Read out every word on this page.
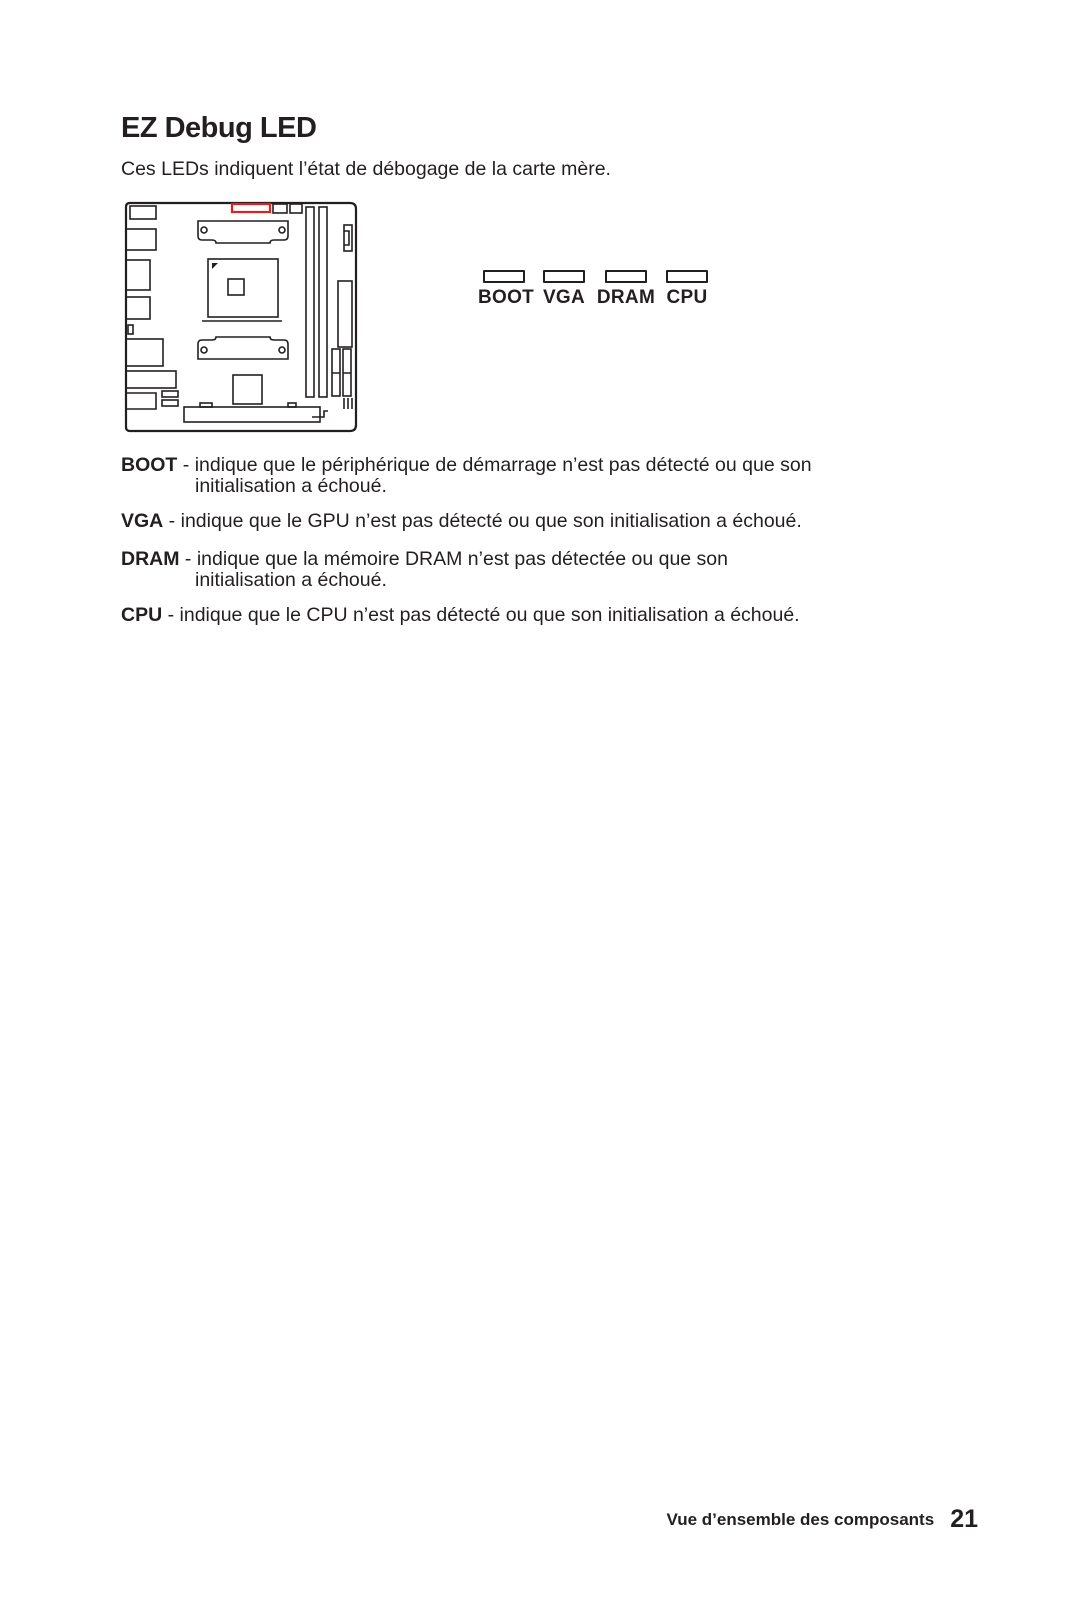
EZ Debug LED

Ces LEDs indiquent l’état de débogage de la carte mère.

BOOT VGA DRAM CPU
BOOT - indique que le périphérique de démarrage n’est pas détecté ou que son
initialisation a échoué.
VGA - indique que le GPU n’est pas détecté ou que son initialisation a échoué.
DRAM - indique que la mémoire DRAM n’est pas détectée ou que son
initialisation a échoué.
CPU - indique que le CPU n’est pas détecté ou que son initialisation a échoué.
Vue d’ensemble des composants 21
